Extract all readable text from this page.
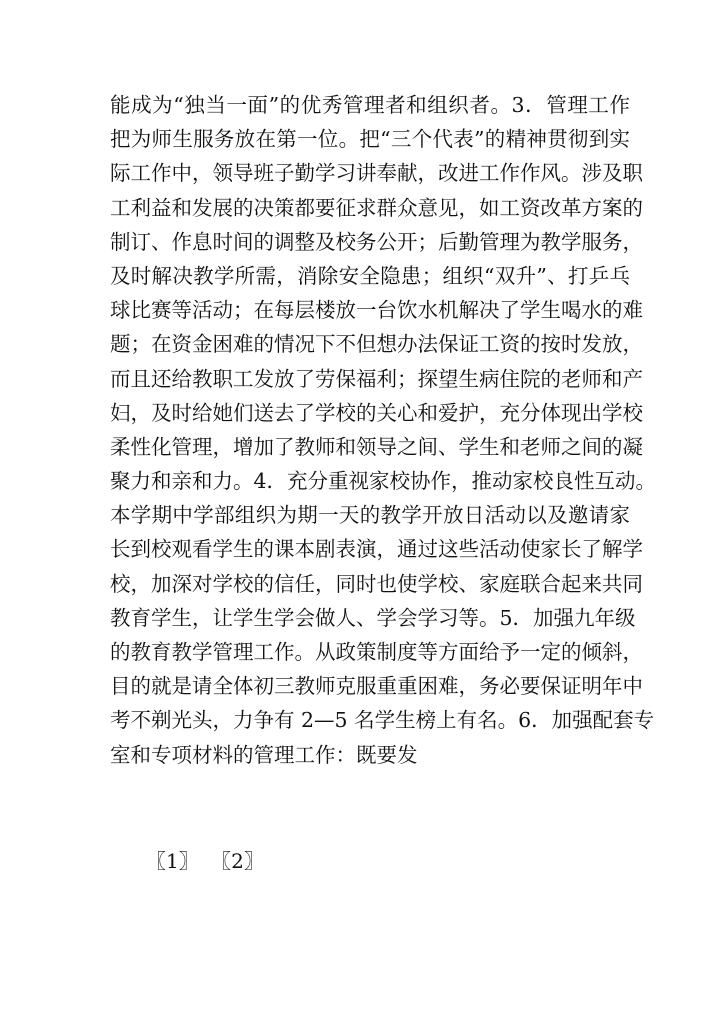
能成为“独当一面”的优秀管理者和组织者。3．管理工作
把为师生服务放在第一位。把“三个代表”的精神贯彻到实
际工作中，领导班子勤学习讲奉献，改进工作作风。涉及职
工利益和发展的决策都要征求群众意见，如工资改革方案的
制订、作息时间的调整及校务公开；后勤管理为教学服务，
及时解决教学所需，消除安全隐患；组织“双升”、打乒乓
球比赛等活动；在每层楼放一台饮水机解决了学生喝水的难
题；在资金困难的情况下不但想办法保证工资的按时发放，
而且还给教职工发放了劳保福利；探望生病住院的老师和产
妇，及时给她们送去了学校的关心和爱护，充分体现出学校
柔性化管理，增加了教师和领导之间、学生和老师之间的凝
聚力和亲和力。4．充分重视家校协作，推动家校良性互动。
本学期中学部组织为期一天的教学开放日活动以及邀请家
长到校观看学生的课本剧表演，通过这些活动使家长了解学
校，加深对学校的信任，同时也使学校、家庭联合起来共同
教育学生，让学生学会做人、学会学习等。5．加强九年级
的教育教学管理工作。从政策制度等方面给予一定的倾斜，
目的就是请全体初三教师克服重重困难，务必要保证明年中
考不剃光头，力争有 2—5 名学生榜上有名。6．加强配套专
室和专项材料的管理工作：既要发
〖1〗 〖2〗
